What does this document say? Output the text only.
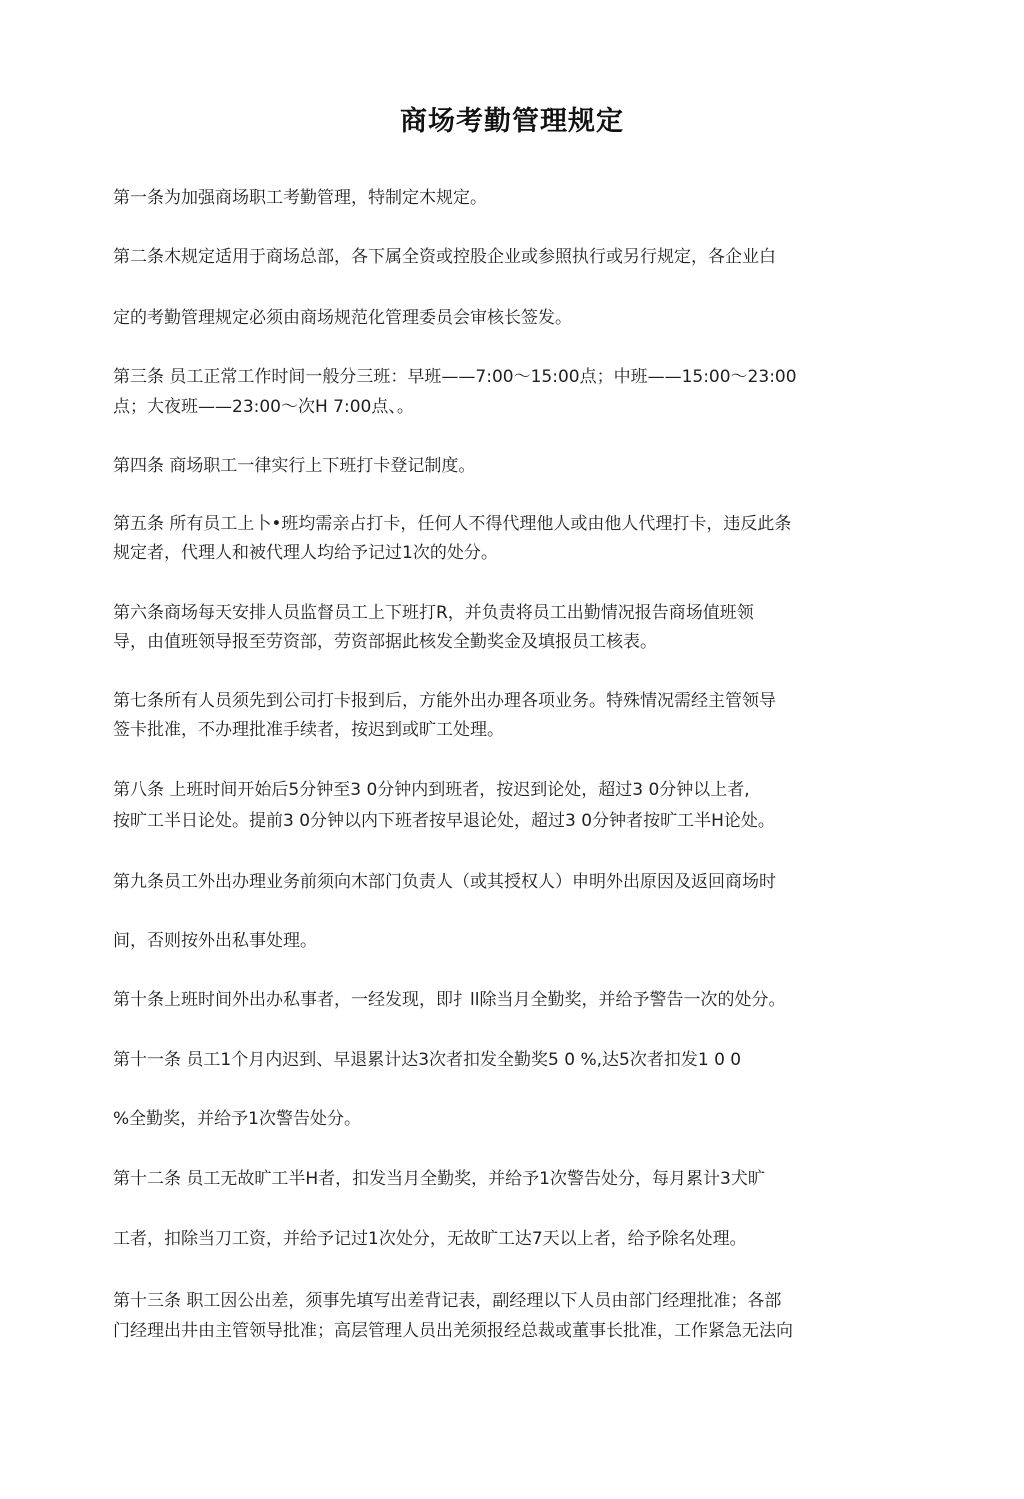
商场考勤管理规定
第一条为加强商场职工考勤管理，特制定木规定。
第二条木规定适用于商场总部，各下属全资或控股企业或参照执行或另行规定，各企业白
定的考勤管理规定必须由商场规范化管理委员会审核长签发。
第三条 员工正常工作时间一般分三班：早班——7:00～15:00点；中班——15:00～23:00
点；大夜班——23:00～次H 7:00点、。
第四条 商场职工一律实行上下班打卡登记制度。
第五条 所有员工上卜•班均需亲占打卡，任何人不得代理他人或由他人代理打卡，违反此条
规定者，代理人和被代理人均给予记过1次的处分。
第六条商场每天安排人员监督员工上下班打R，并负责将员工出勤情况报告商场值班领
导，由值班领导报至劳资部，劳资部据此核发全勤奖金及填报员工核表。
第七条所有人员须先到公司打卡报到后，方能外出办理各项业务。特殊情况需经主管领导
签卡批准，不办理批准手续者，按迟到或旷工处理。
第八条 上班时间开始后5分钟至3 0分钟内到班者，按迟到论处，超过3 0分钟以上者,
按旷工半日论处。提前3 0分钟以内下班者按早退论处，超过3 0分钟者按旷工半H论处。
第九条员工外出办理业务前须向木部门负责人（或其授权人）申明外出原因及返回商场时
间，否则按外出私事处理。
第十条上班时间外出办私事者，一经发现，即扌ll除当月全勤奖，并给予警告一次的处分。
第十一条 员工1个月内迟到、早退累计达3次者扣发全勤奖5 0 %,达5次者扣发1 0 0
%全勤奖，并给予1次警告处分。
第十二条 员工无故旷工半H者，扣发当月全勤奖，并给予1次警告处分，每月累计3犬旷
工者，扣除当刀工资，并给予记过1次处分，无故旷工达7天以上者，给予除名处理。
第十三条 职工因公出差，须事先填写出差背记表，副经理以下人员由部门经理批准；各部
门经理出井由主管领导批准；高层管理人员出羌须报经总裁或董事长批准，工作紧急无法向
